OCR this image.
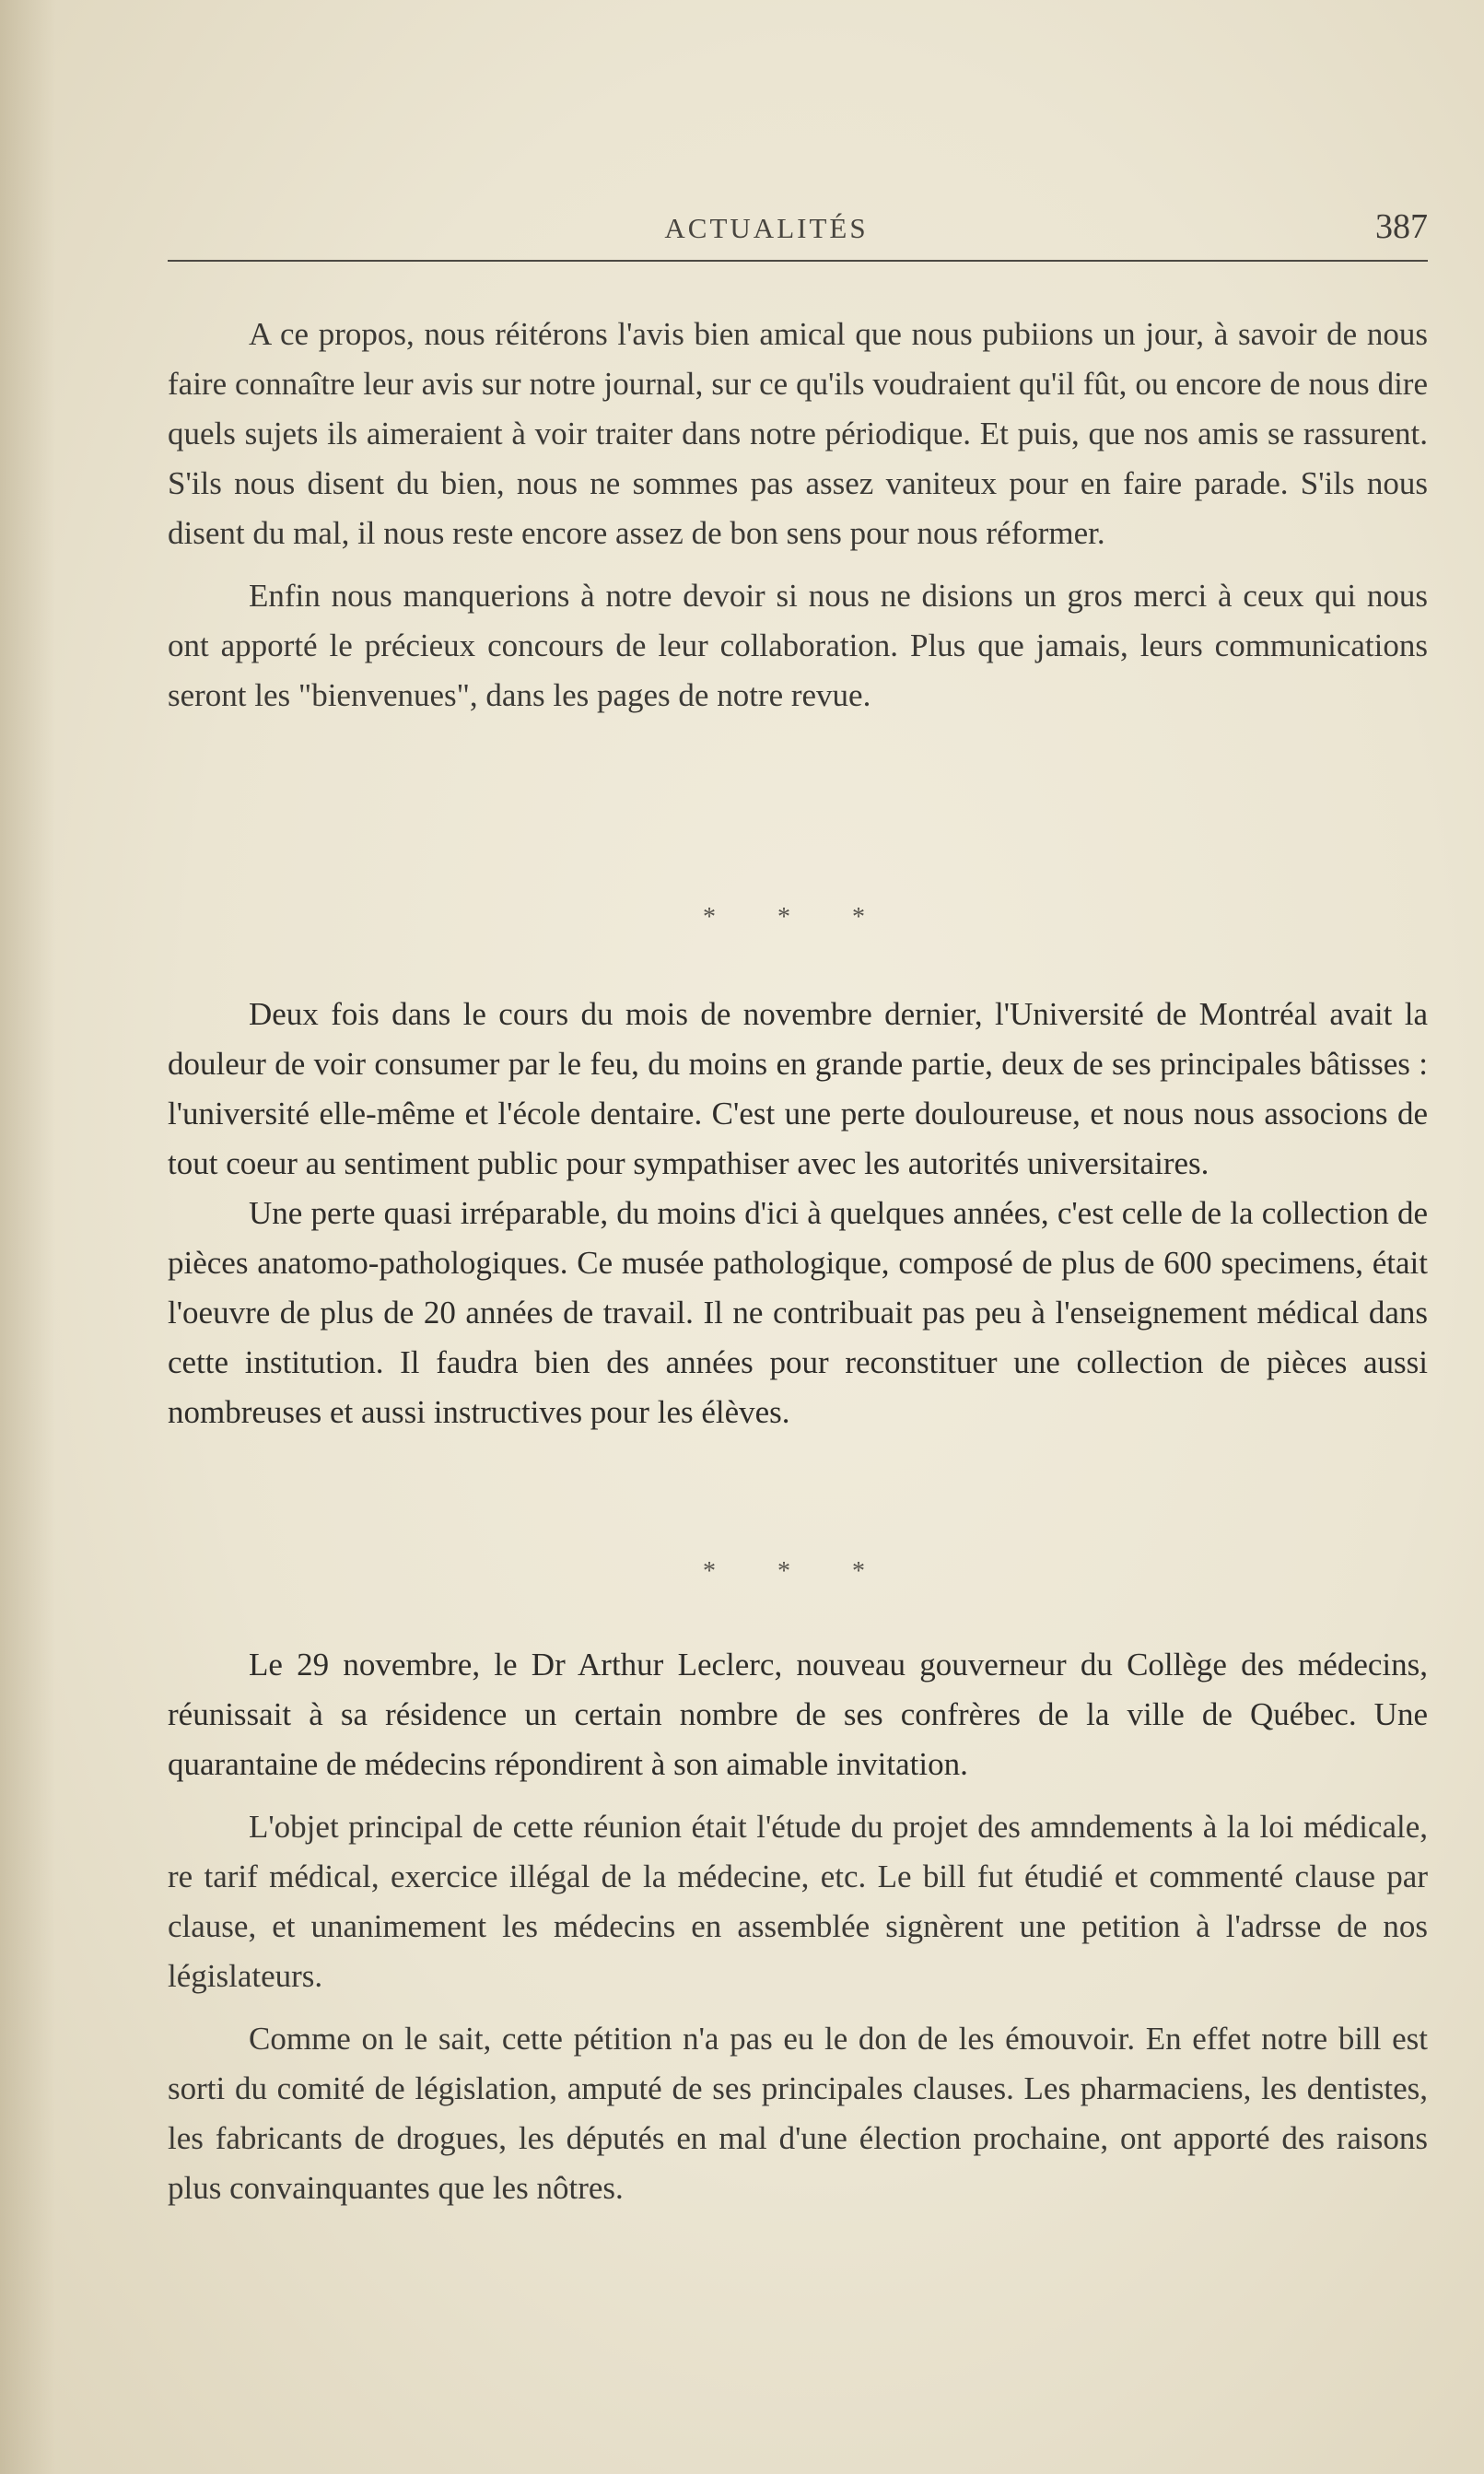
ACTUALITÉS	387

A ce propos, nous réitérons l'avis bien amical que nous pubiions un jour, à savoir de nous faire connaître leur avis sur notre journal, sur ce qu'ils voudraient qu'il fût, ou encore de nous dire quels sujets ils aimeraient à voir traiter dans notre périodique. Et puis, que nos amis se rassurent. S'ils nous disent du bien, nous ne sommes pas assez vaniteux pour en faire parade. S'ils nous disent du mal, il nous reste encore assez de bon sens pour nous réformer.

Enfin nous manquerions à notre devoir si nous ne disions un gros merci à ceux qui nous ont apporté le précieux concours de leur collaboration. Plus que jamais, leurs communications seront les "bienvenues", dans les pages de notre revue.

* * *

Deux fois dans le cours du mois de novembre dernier, l'Université de Montréal avait la douleur de voir consumer par le feu, du moins en grande partie, deux de ses principales bâtisses : l'université elle-même et l'école dentaire. C'est une perte douloureuse, et nous nous associons de tout coeur au sentiment public pour sympathiser avec les autorités universitaires.

Une perte quasi irréparable, du moins d'ici à quelques années, c'est celle de la collection de pièces anatomo-pathologiques. Ce musée pathologique, composé de plus de 600 specimens, était l'oeuvre de plus de 20 années de travail. Il ne contribuait pas peu à l'enseignement médical dans cette institution. Il faudra bien des années pour reconstituer une collection de pièces aussi nombreuses et aussi instructives pour les élèves.

* * *

Le 29 novembre, le Dr Arthur Leclerc, nouveau gouverneur du Collège des médecins, réunissait à sa résidence un certain nombre de ses confrères de la ville de Québec. Une quarantaine de médecins répondirent à son aimable invitation.

L'objet principal de cette réunion était l'étude du projet des amndements à la loi médicale, re tarif médical, exercice illégal de la médecine, etc. Le bill fut étudié et commenté clause par clause, et unanimement les médecins en assemblée signèrent une petition à l'adrsse de nos législateurs.

Comme on le sait, cette pétition n'a pas eu le don de les émouvoir. En effet notre bill est sorti du comité de législation, amputé de ses principales clauses. Les pharmaciens, les dentistes, les fabricants de drogues, les députés en mal d'une élection prochaine, ont apporté des raisons plus convainquantes que les nôtres.
